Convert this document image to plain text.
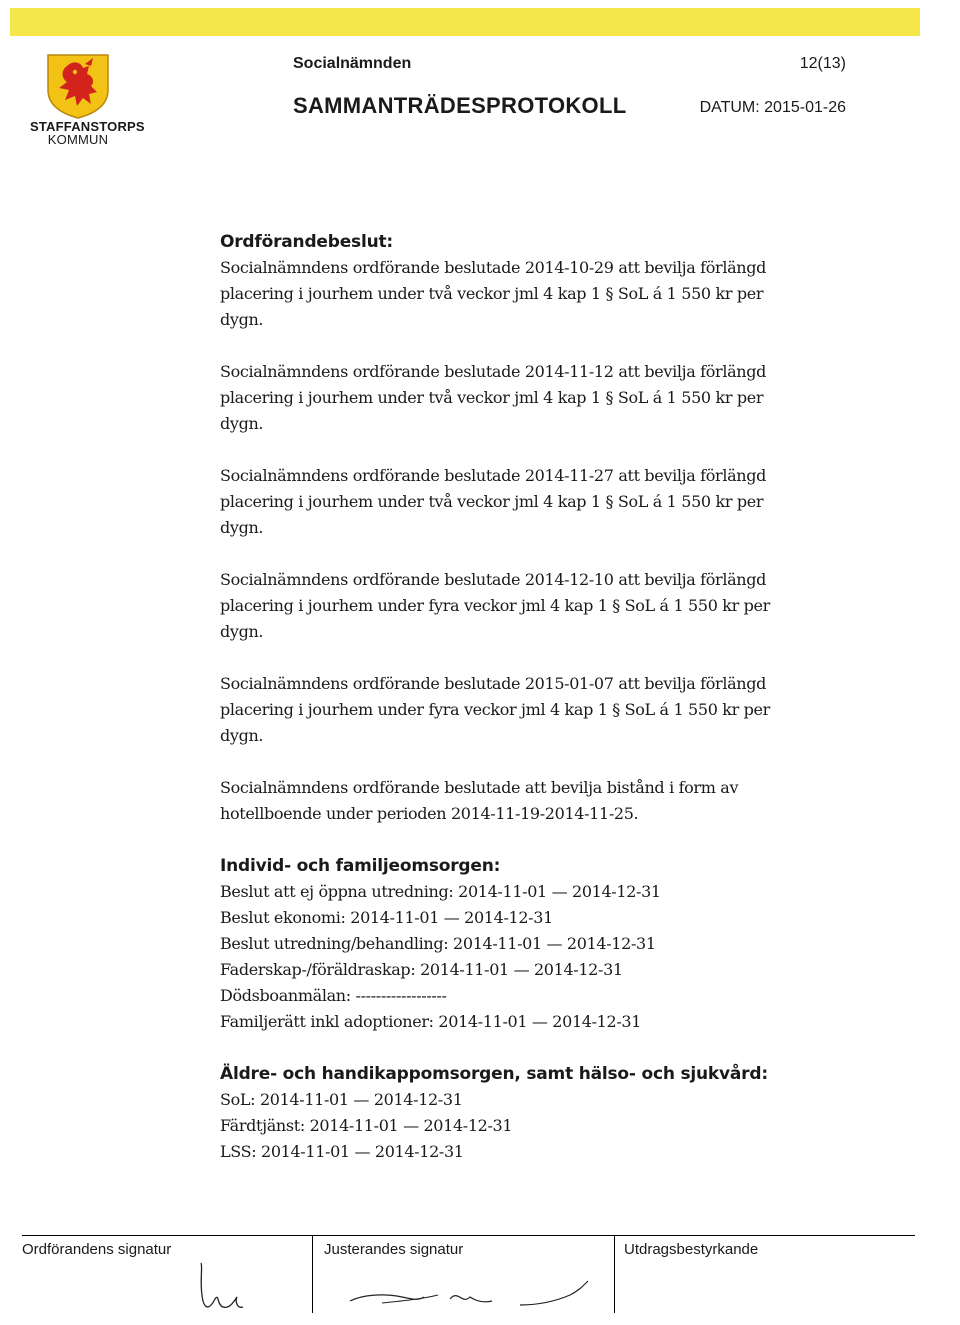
STAFFANSTORPS
KOMMUN
Socialnämnden	12(13)
SAMMANTRÄDESPROTOKOLL	DATUM: 2015-01-26
Ordförandebeslut:
Socialnämndens ordförande beslutade 2014-10-29 att bevilja förlängd
placering i jourhem under två veckor jml 4 kap 1 § SoL á 1 550 kr per
dygn.
Socialnämndens ordförande beslutade 2014-11-12 att bevilja förlängd
placering i jourhem under två veckor jml 4 kap 1 § SoL á 1 550 kr per
dygn.
Socialnämndens ordförande beslutade 2014-11-27 att bevilja förlängd
placering i jourhem under två veckor jml 4 kap 1 § SoL á 1 550 kr per
dygn.
Socialnämndens ordförande beslutade 2014-12-10 att bevilja förlängd
placering i jourhem under fyra veckor jml 4 kap 1 § SoL á 1 550 kr per
dygn.
Socialnämndens ordförande beslutade 2015-01-07 att bevilja förlängd
placering i jourhem under fyra veckor jml 4 kap 1 § SoL á 1 550 kr per
dygn.
Socialnämndens ordförande beslutade att bevilja bistånd i form av
hotellboende under perioden 2014-11-19-2014-11-25.
Individ- och familjeomsorgen:
Beslut att ej öppna utredning: 2014-11-01 — 2014-12-31
Beslut ekonomi: 2014-11-01 — 2014-12-31
Beslut utredning/behandling: 2014-11-01 — 2014-12-31
Faderskap-/föräldraskap: 2014-11-01 — 2014-12-31
Dödsboanmälan: ------------------
Familjerätt inkl adoptioner: 2014-11-01 — 2014-12-31
Äldre- och handikappomsorgen, samt hälso- och sjukvård:
SoL: 2014-11-01 — 2014-12-31
Färdtjänst: 2014-11-01 — 2014-12-31
LSS: 2014-11-01 — 2014-12-31
Ordförandens signatur	Justerandes signatur	Utdragsbestyrkande
